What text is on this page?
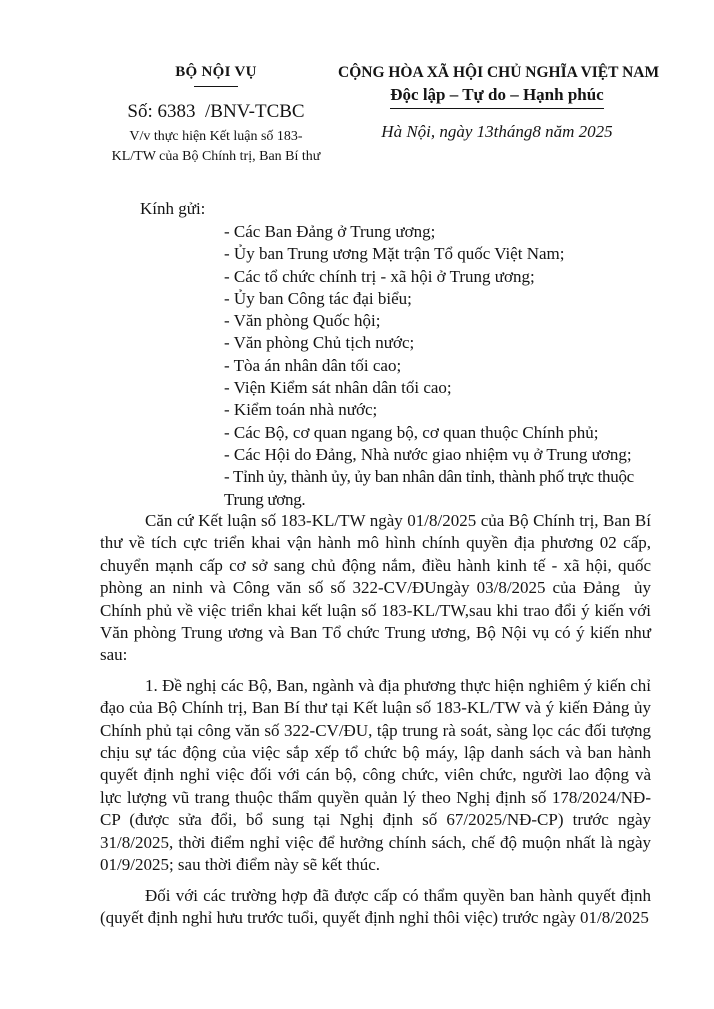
BỘ NỘI VỤ
Số: 6383  /BNV-TCBC
V/v thực hiện Kết luận số 183-
KL/TW của Bộ Chính trị, Ban Bí thư
CỘNG HÒA XÃ HỘI CHỦ NGHĨA VIỆT NAM
Độc lập – Tự do – Hạnh phúc
Hà Nội, ngày 13tháng8 năm 2025
Kính gửi:
- Các Ban Đảng ở Trung ương;
- Ủy ban Trung ương Mặt trận Tổ quốc Việt Nam;
- Các tổ chức chính trị - xã hội ở Trung ương;
- Ủy ban Công tác đại biểu;
- Văn phòng Quốc hội;
- Văn phòng Chủ tịch nước;
- Tòa án nhân dân tối cao;
- Viện Kiểm sát nhân dân tối cao;
- Kiểm toán nhà nước;
- Các Bộ, cơ quan ngang bộ, cơ quan thuộc Chính phủ;
- Các Hội do Đảng, Nhà nước giao nhiệm vụ ở Trung ương;
- Tỉnh ủy, thành ủy, ủy ban nhân dân tỉnh, thành phố trực thuộc Trung ương.

Căn cứ Kết luận số 183-KL/TW ngày 01/8/2025 của Bộ Chính trị, Ban Bí thư về tích cực triển khai vận hành mô hình chính quyền địa phương 02 cấp, chuyển mạnh cấp cơ sở sang chủ động nắm, điều hành kinh tế - xã hội, quốc phòng an ninh và Công văn số số 322-CV/ĐUngày 03/8/2025 của Đảng  ủy Chính phủ về việc triển khai kết luận số 183-KL/TW,sau khi trao đổi ý kiến với Văn phòng Trung ương và Ban Tổ chức Trung ương, Bộ Nội vụ có ý kiến như sau:

1. Đề nghị các Bộ, Ban, ngành và địa phương thực hiện nghiêm ý kiến chỉ đạo của Bộ Chính trị, Ban Bí thư tại Kết luận số 183-KL/TW và ý kiến Đảng ủy Chính phủ tại công văn số 322-CV/ĐU, tập trung rà soát, sàng lọc các đối tượng chịu sự tác động của việc sắp xếp tổ chức bộ máy, lập danh sách và ban hành quyết định nghỉ việc đối với cán bộ, công chức, viên chức, người lao động và lực lượng vũ trang thuộc thẩm quyền quản lý theo Nghị định số 178/2024/NĐ-CP (được sửa đổi, bổ sung tại Nghị định số 67/2025/NĐ-CP) trước ngày 31/8/2025, thời điểm nghỉ việc để hưởng chính sách, chế độ muộn nhất là ngày 01/9/2025; sau thời điểm này sẽ kết thúc.

Đối với các trường hợp đã được cấp có thẩm quyền ban hành quyết định (quyết định nghỉ hưu trước tuổi, quyết định nghỉ thôi việc) trước ngày 01/8/2025
